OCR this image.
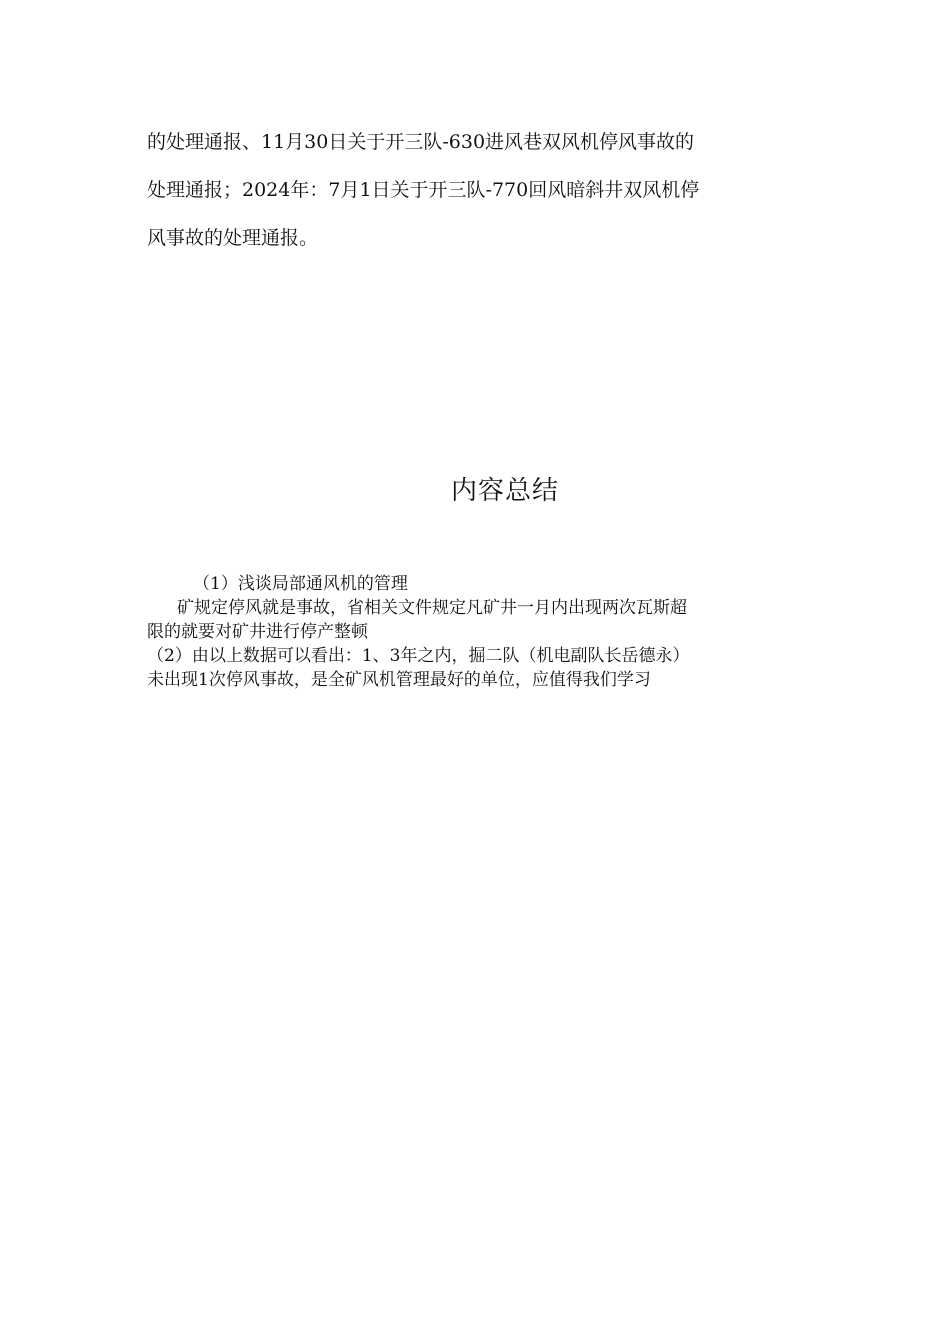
的处理通报、11月30日关于开三队-630进风巷双风机停风事故的

处理通报；2024年：7月1日关于开三队-770回风暗斜井双风机停

风事故的处理通报。

内容总结

（1）浅谈局部通风机的管理

矿规定停风就是事故，省相关文件规定凡矿井一月内出现两次瓦斯超

限的就要对矿井进行停产整顿

（2）由以上数据可以看出：1、3年之内，掘二队（机电副队长岳德永）

未出现1次停风事故，是全矿风机管理最好的单位，应值得我们学习
